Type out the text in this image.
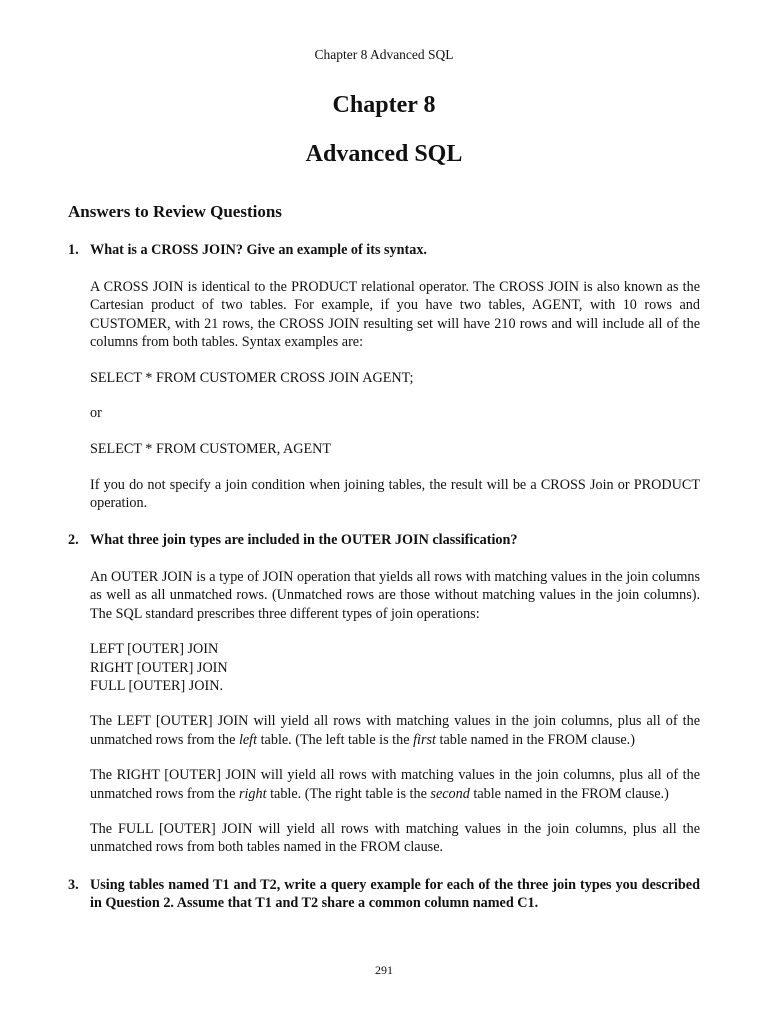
Chapter 8 Advanced SQL
Chapter 8
Advanced SQL
Answers to Review Questions
1. What is a CROSS JOIN? Give an example of its syntax.

A CROSS JOIN is identical to the PRODUCT relational operator. The CROSS JOIN is also known as the Cartesian product of two tables. For example, if you have two tables, AGENT, with 10 rows and CUSTOMER, with 21 rows, the CROSS JOIN resulting set will have 210 rows and will include all of the columns from both tables. Syntax examples are:

SELECT * FROM CUSTOMER CROSS JOIN AGENT;

or

SELECT * FROM CUSTOMER, AGENT

If you do not specify a join condition when joining tables, the result will be a CROSS Join or PRODUCT operation.

2. What three join types are included in the OUTER JOIN classification?

An OUTER JOIN is a type of JOIN operation that yields all rows with matching values in the join columns as well as all unmatched rows. (Unmatched rows are those without matching values in the join columns). The SQL standard prescribes three different types of join operations:

LEFT [OUTER] JOIN

RIGHT [OUTER] JOIN

FULL [OUTER] JOIN.

The LEFT [OUTER] JOIN will yield all rows with matching values in the join columns, plus all of the unmatched rows from the left table. (The left table is the first table named in the FROM clause.)

The RIGHT [OUTER] JOIN will yield all rows with matching values in the join columns, plus all of the unmatched rows from the right table. (The right table is the second table named in the FROM clause.)

The FULL [OUTER] JOIN will yield all rows with matching values in the join columns, plus all the unmatched rows from both tables named in the FROM clause.

3. Using tables named T1 and T2, write a query example for each of the three join types you described in Question 2. Assume that T1 and T2 share a common column named C1.
291
